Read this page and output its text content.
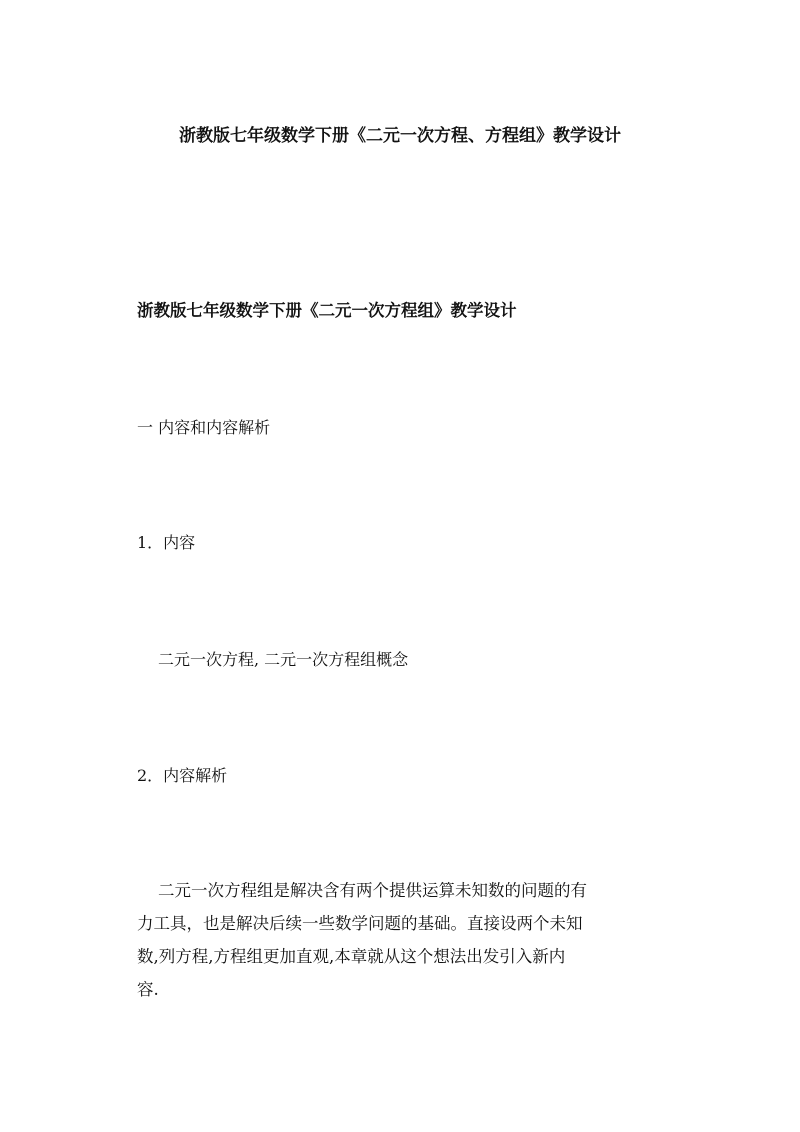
浙教版七年级数学下册《二元一次方程、方程组》教学设计
浙教版七年级数学下册《二元一次方程组》教学设计

一 内容和内容解析

1．内容

二元一次方程, 二元一次方程组概念

2．内容解析

二元一次方程组是解决含有两个提供运算未知数的问题的有
力工具，也是解决后续一些数学问题的基础。直接设两个未知
数,列方程,方程组更加直观,本章就从这个想法出发引入新内
容.
